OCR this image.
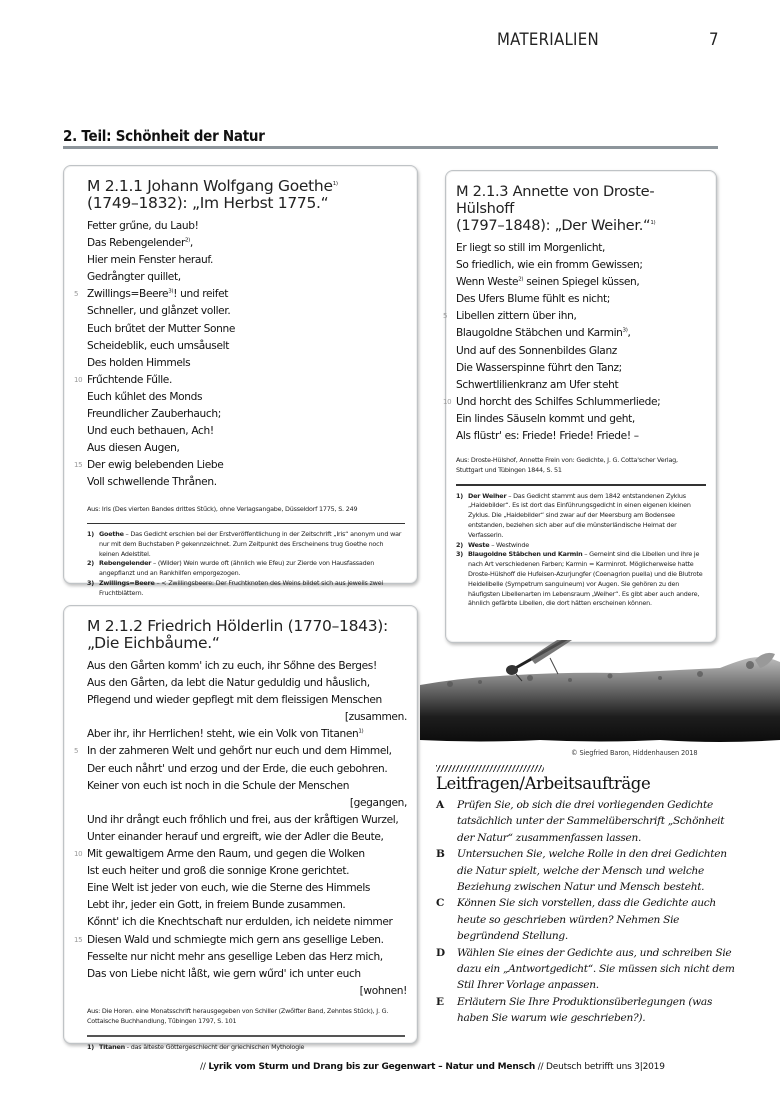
MATERIALIEN	7
2. Teil: Schönheit der Natur
M 2.1.1 Johann Wolfgang Goethe$^{1)}$
(1749–1832): „Im Herbst 1775.“
Fetter grűne, du Laub!
Das Rebengelender$^{2)}$,
Hier mein Fenster herauf.
Gedrångter quillet,
5 Zwillings=Beere$^{3)}$! und reifet
Schneller, und glånzet voller.
Euch brűtet der Mutter Sonne
Scheideblik, euch umsåuselt
Des holden Himmels
10 Frűchtende Fűlle.
Euch kűhlet des Monds
Freundlicher Zauberhauch;
Und euch bethauen, Ach!
Aus diesen Augen,
15 Der ewig belebenden Liebe
Voll schwellende Thrånen.
Aus: Iris (Des vierten Bandes drittes Stűck), ohne Verlagsangabe, Düsseldorf 1775, S. 249
1) Goethe – Das Gedicht erschien bei der Erstveröffentlichung in der Zeitschrift „Iris“ anonym und war nur mit dem Buchstaben P gekennzeichnet. Zum Zeitpunkt des Erscheinens trug Goethe noch keinen Adelstitel.
2) Rebengelender – (Wilder) Wein wurde oft (ähnlich wie Efeu) zur Zierde von Hausfassaden angepflanzt und an Rankhilfen emporgezogen.
3) Zwillings=Beere – < Zwillingsbeere: Der Fruchtknoten des Weins bildet sich aus jeweils zwei Fruchtblättern.
M 2.1.2 Friedrich Hölderlin (1770–1843):
„Die Eichbåume.“
Aus den Gårten komm' ich zu euch, ihr Sőhne des Berges!
Aus den Gårten, da lebt die Natur geduldig und håuslich,
Pflegend und wieder gepflegt mit dem fleissigen Menschen
[zusammen.
Aber ihr, ihr Herrlichen! steht, wie ein Volk von Titanen$^{1)}$
5 In der zahmeren Welt und gehőrt nur euch und dem Himmel,
Der euch nåhrt' und erzog und der Erde, die euch gebohren.
Keiner von euch ist noch in die Schule der Menschen
[gegangen,
Und ihr drångt euch frőhlich und frei, aus der kråftigen Wurzel,
Unter einander herauf und ergreift, wie der Adler die Beute,
10 Mit gewaltigem Arme den Raum, und gegen die Wolken
Ist euch heiter und groß die sonnige Krone gerichtet.
Eine Welt ist jeder von euch, wie die Sterne des Himmels
Lebt ihr, jeder ein Gott, in freiem Bunde zusammen.
Kőnnt' ich die Knechtschaft nur erdulden, ich neidete nimmer
15 Diesen Wald und schmiegte mich gern ans gesellige Leben.
Fesselte nur nicht mehr ans gesellige Leben das Herz mich,
Das von Liebe nicht låßt, wie gern wűrd' ich unter euch
[wohnen!
Aus: Die Horen. eine Monatsschrift herausgegeben von Schiller (Zwőlfter Band, Zehntes Stűck), J. G. Cottaische Buchhandlung, Tűbingen 1797, S. 101
1) Titanen - das älteste Göttergeschlecht der griechischen Mythologie
M 2.1.3 Annette von Droste-Hülshoff
(1797–1848): „Der Weiher.“$^{1)}$
Er liegt so still im Morgenlicht,
So friedlich, wie ein fromm Gewissen;
Wenn Weste$^{2)}$ seinen Spiegel küssen,
Des Ufers Blume fühlt es nicht;
5 Libellen zittern über ihn,
Blaugoldne Stäbchen und Karmin$^{3)}$,
Und auf des Sonnenbildes Glanz
Die Wasserspinne führt den Tanz;
Schwertlilienkranz am Ufer steht
10 Und horcht des Schilfes Schlummerliede;
Ein lindes Säuseln kommt und geht,
Als flüstr' es: Friede! Friede! Friede! –
Aus: Droste-Hülshof, Annette Frein von: Gedichte, J. G. Cotta'scher Verlag, Stuttgart und Tübingen 1844, S. 51
1) Der Weiher – Das Gedicht stammt aus dem 1842 entstandenen Zyklus „Haidebilder“. Es ist dort das Einführungsgedicht in einen eigenen kleinen Zyklus. Die „Haidebilder“ sind zwar auf der Meersburg am Bodensee entstanden, beziehen sich aber auf die münsterländische Heimat der Verfasserin.
2) Weste – Westwinde
3) Blaugoldne Stäbchen und Karmin – Gemeint sind die Libellen und ihre je nach Art verschiedenen Farben; Karmin = Karminrot. Möglicherweise hatte Droste-Hülshoff die Hufeisen-Azurjungfer (Coenagrion puella) und die Blutrote Heidelibelle (Sympetrum sanguineum) vor Augen. Sie gehören zu den häufigsten Libellenarten im Lebensraum „Weiher“. Es gibt aber auch andere, ähnlich gefärbte Libellen, die dort hätten erscheinen können.
© Siegfried Baron, Hiddenhausen 2018
Leitfragen/Arbeitsaufträge
A	Prüfen Sie, ob sich die drei vorliegenden Gedichte tatsächlich unter der Sammelüberschrift „Schönheit der Natur“ zusammenfassen lassen.
B	Untersuchen Sie, welche Rolle in den drei Gedichten die Natur spielt, welche der Mensch und welche Beziehung zwischen Natur und Mensch besteht.
C	Können Sie sich vorstellen, dass die Gedichte auch heute so geschrieben würden? Nehmen Sie begründend Stellung.
D	Wählen Sie eines der Gedichte aus, und schreiben Sie dazu ein „Antwortgedicht“. Sie müssen sich nicht dem Stil Ihrer Vorlage anpassen.
E	Erläutern Sie Ihre Produktionsüberlegungen (was haben Sie warum wie geschrieben?).
// Lyrik vom Sturm und Drang bis zur Gegenwart – Natur und Mensch // Deutsch betrifft uns 3|2019
